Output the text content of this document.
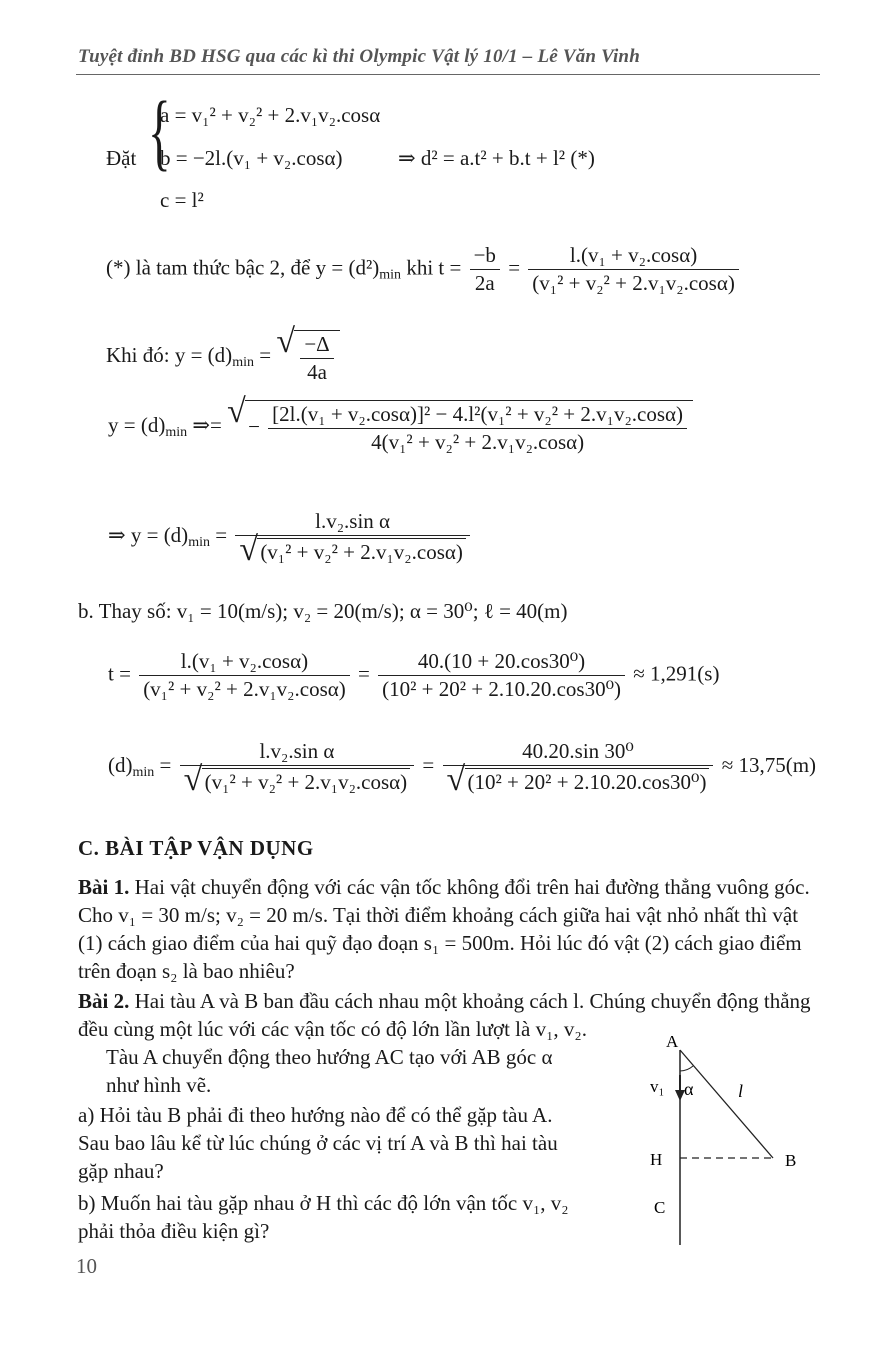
Tuyệt đỉnh BD HSG qua các kì thi Olympic Vật lý 10/1 – Lê Văn Vinh
Đặt {
a = v₁² + v₂² + 2.v₁v₂.cosα
b = −2l.(v₁ + v₂.cosα)
c = l²
⇒ d² = a.t² + b.t + l² (*)
(*) là tam thức bậc 2, để $y = (d^2)_{min}$ khi $t = \frac{-b}{2a} = \frac{\text{l.(v₁ + v₂.cosα)}}{\text{(v₁² + v₂² + 2.v₁v₂.cosα)}}$
Khi đó: $y = (d)_{min}$ = √ $\frac{-\Delta}{4a}$
$y = (d)_{min}$ ⇒= √ − $\frac{\text{[2l.(v₁ + v₂.cosα)]² − 4.l²(v₁² + v₂² + 2.v₁v₂.cosα)}}{\text{4(v₁² + v₂² + 2.v₁v₂.cosα)}}$
⇒ $y = (d)_{min} = l.v_2.\sin$ α
√ (v₁² + v₂² + 2.v₁v₂.cosα)
b. Thay số: v₁ = 10(m/s); v₂ = 20(m/s); α = 30⁰; ℓ = 40(m)
$t = \frac{\text{l.(v₁ + v₂.cosα)}}{\text{(v₁² + v₂² + 2.v₁v₂.cosα)}} = \frac{\text{40.(10 + 20.cos30⁰)}}{\text{(10² + 20² + 2.10.20.cos30⁰)}} \approx 1,291(s)$
$(d)_{min} = l.v_2.\sin$ α
√ (v₁² + v₂² + 2.v₁v₂.cosα) = 40.20.sin 30⁰
√ (10² + 20² + 2.10.20.cos30⁰) ≈ 13,75(m)
C. BÀI TẬP VẬN DỤNG
Bài 1. Hai vật chuyển động với các vận tốc không đổi trên hai đường thẳng vuông góc. Cho v₁ = 30 m/s; v₂ = 20 m/s. Tại thời điểm khoảng cách giữa hai vật nhỏ nhất thì vật (1) cách giao điểm của hai quỹ đạo đoạn s₁ = 500m. Hỏi lúc đó vật (2) cách giao điểm trên đoạn s₂ là bao nhiêu?
Bài 2. Hai tàu A và B ban đầu cách nhau một khoảng cách l. Chúng chuyển động thẳng đều cùng một lúc với các vận tốc có độ lớn lần lượt là v₁, v₂.
Tàu A chuyển động theo hướng AC tạo với AB góc α như hình vẽ.
a) Hỏi tàu B phải đi theo hướng nào để có thể gặp tàu A. Sau bao lâu kể từ lúc chúng ở các vị trí A và B thì hai tàu gặp nhau?
b) Muốn hai tàu gặp nhau ở H thì các độ lớn vận tốc v₁, v₂ phải thỏa điều kiện gì?
A
v₁ α l
H	B
C
10
